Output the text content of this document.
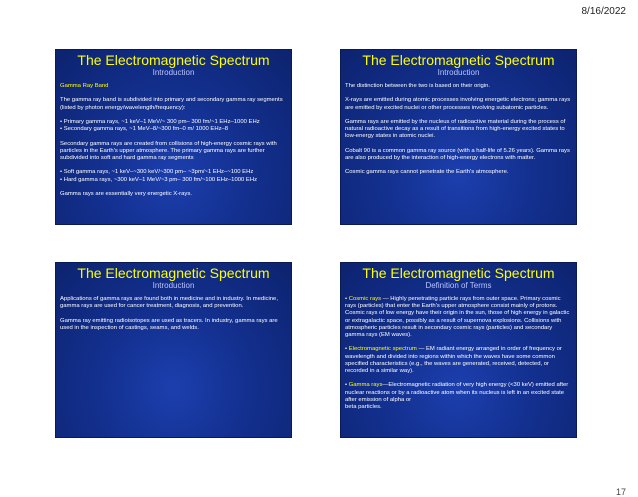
8/16/2022
The Electromagnetic Spectrum
Introduction

Gamma Ray Band

The gamma ray band is subdivided into primary and secondary gamma ray segments (listed by photon energy/wavelength/frequency):

• Primary gamma rays, ~1 keV–1 MeV/~ 300 pm– 300 fm/~1 EHz–1000 EHz
• Secondary gamma rays, ~1 MeV–8/~300 fm–0 m/ 1000 EHz–8

Secondary gamma rays are created from collisions of high-energy cosmic rays with particles in the Earth's upper atmosphere. The primary gamma rays are further subdivided into soft and hard gamma ray segments

• Soft gamma rays, ~1 keV–~300 keV/~300 pm– ~3pm/~1 EHz–~100 EHz
• Hard gamma rays, ~300 keV–1 MeV/~3 pm– 300 fm/~100 EHz–1000 EHz

Gamma rays are essentially very energetic X-rays.

The Electromagnetic Spectrum
Introduction

The distinction between the two is based on their origin.

X-rays are emitted during atomic processes involving energetic electrons; gamma rays are emitted by excited nuclei or other processes involving subatomic particles.

Gamma rays are emitted by the nucleus of radioactive material during the process of natural radioactive decay as a result of transitions from high-energy excited states to low-energy states in atomic nuclei.

Cobalt 90 is a common gamma ray source (with a half-life of 5.26 years). Gamma rays are also produced by the interaction of high-energy electrons with matter.

Cosmic gamma rays cannot penetrate the Earth's atmosphere.

The Electromagnetic Spectrum
Introduction

Applications of gamma rays are found both in medicine and in industry. In medicine, gamma rays are used for cancer treatment, diagnosis, and prevention.

Gamma ray emitting radioisotopes are used as tracers. In industry, gamma rays are used in the inspection of castings, seams, and welds.

The Electromagnetic Spectrum
Definition of Terms

• Cosmic rays — Highly penetrating particle rays from outer space. Primary cosmic rays (particles) that enter the Earth's upper atmosphere consist mainly of protons. Cosmic rays of low energy have their origin in the sun, those of high energy in galactic or extragalactic space, possibly as a result of supernova explosions. Collisions with atmospheric particles result in secondary cosmic rays (particles) and secondary gamma rays (EM waves).

• Electromagnetic spectrum — EM radiant energy arranged in order of frequency or wavelength and divided into regions within which the waves have some common specified characteristics (e.g., the waves are generated, received, detected, or recorded in a similar way).

• Gamma rays—Electromagnetic radiation of very high energy (<30 keV) emitted after nuclear reactions or by a radioactive atom when its nucleus is left in an excited state after emission of alpha or
beta particles.

17
